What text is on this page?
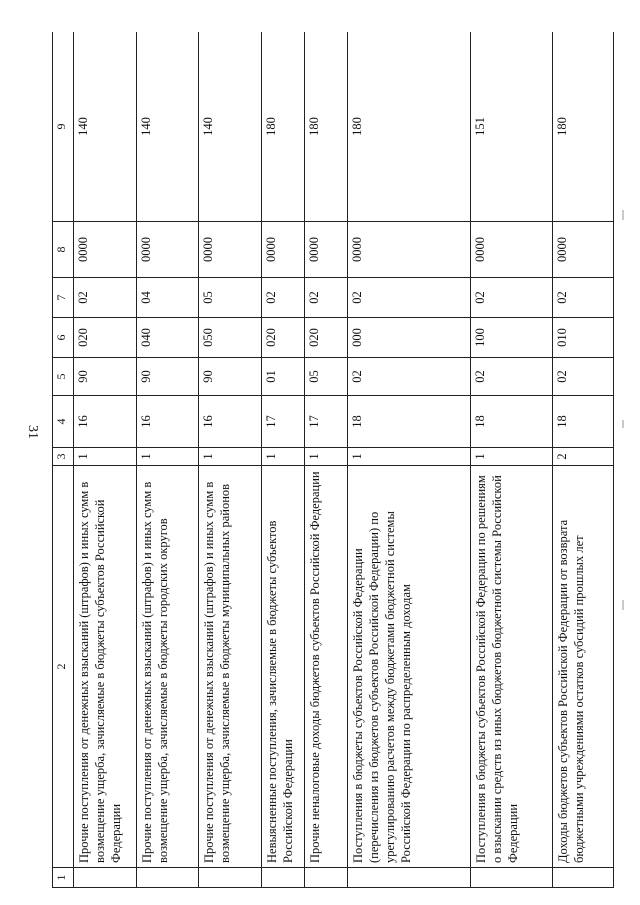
31
1	2	3	4	5	6	7	8	9
	Прочие поступления от денежных взысканий (штрафов) и иных сумм в возмещение ущерба, зачисляемые в бюджеты субъектов Российской Федерации	1	16	90	020	02	0000	140
	Прочие поступления от денежных взысканий (штрафов) и иных сумм в возмещение ущерба, зачисляемые в бюджеты городских округов	1	16	90	040	04	0000	140
	Прочие поступления от денежных взысканий (штрафов) и иных сумм в возмещение ущерба, зачисляемые в бюджеты муниципальных районов	1	16	90	050	05	0000	140
	Невыясненные поступления, зачисляемые в бюджеты субъектов Российской Федерации	1	17	01	020	02	0000	180
	Прочие неналоговые доходы бюджетов субъектов Российской Федерации	1	17	05	020	02	0000	180
	Поступления в бюджеты субъектов Российской Федерации (перечисления из бюджетов субъектов Российской Федерации) по урегулированию расчетов между бюджетами бюджетной системы Российской Федерации по распределенным доходам	1	18	02	000	02	0000	180
	Поступления в бюджеты субъектов Российской Федерации по решениям о взыскании средств из иных бюджетов бюджетной системы Российской Федерации	1	18	02	100	02	0000	151
	Доходы бюджетов субъектов Российской Федерации от возврата бюджетными учреждениями остатков субсидий прошлых лет	2	18	02	010	02	0000	180
